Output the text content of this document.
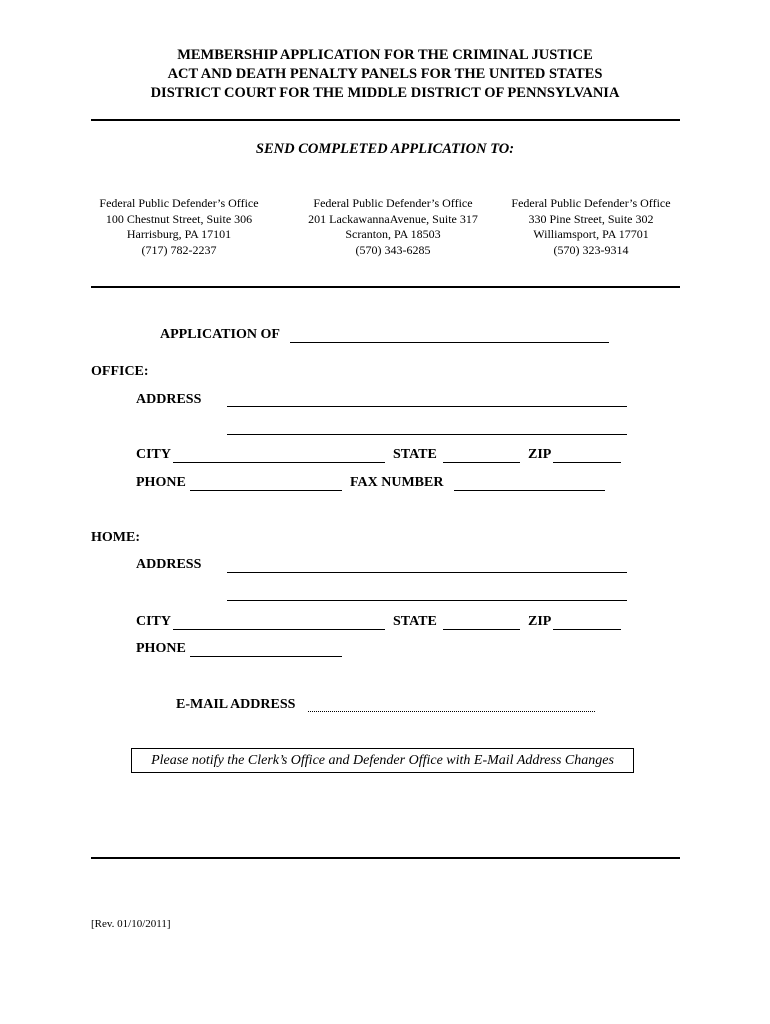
MEMBERSHIP APPLICATION FOR THE CRIMINAL JUSTICE
ACT AND DEATH PENALTY PANELS FOR THE UNITED STATES
DISTRICT COURT FOR THE MIDDLE DISTRICT OF PENNSYLVANIA
SEND COMPLETED APPLICATION TO:
Federal Public Defender’s Office
100 Chestnut Street, Suite 306
Harrisburg, PA 17101
(717) 782-2237
Federal Public Defender’s Office
201 LackawannaAvenue, Suite 317
Scranton, PA 18503
(570) 343-6285
Federal Public Defender’s Office
330 Pine Street, Suite 302
Williamsport, PA 17701
(570) 323-9314
APPLICATION OF
OFFICE:
ADDRESS
CITY	STATE	ZIP
PHONE	FAX NUMBER
HOME:
ADDRESS
CITY	STATE	ZIP
PHONE
E-MAIL ADDRESS
Please notify the Clerk’s Office and Defender Office with E-Mail Address Changes
[Rev. 01/10/2011]
